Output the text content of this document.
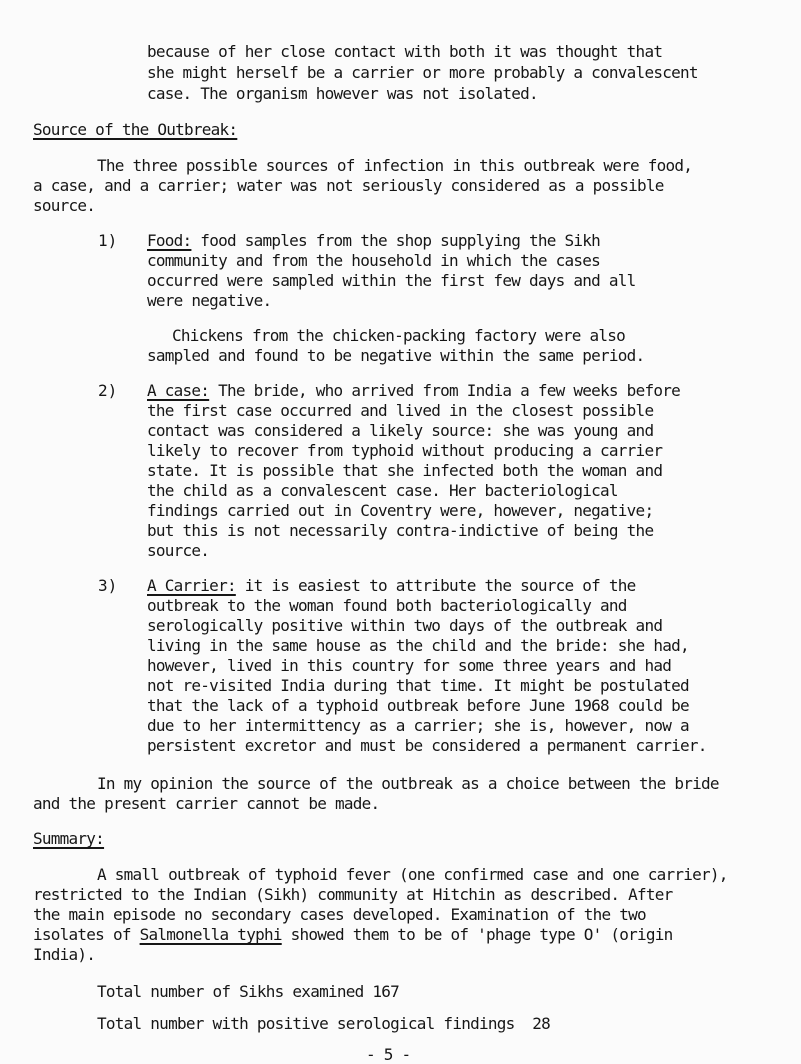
because of her close contact with both it was thought that
she might herself be a carrier or more probably a convalescent
case. The organism however was not isolated.
Source of the Outbreak:
The three possible sources of infection in this outbreak were food,
a case, and a carrier; water was not seriously considered as a possible
source.
1) Food: food samples from the shop supplying the Sikh
community and from the household in which the cases
occurred were sampled within the first few days and all
were negative.
Chickens from the chicken-packing factory were also
sampled and found to be negative within the same period.
2) A case: The bride, who arrived from India a few weeks before
the first case occurred and lived in the closest possible
contact was considered a likely source: she was young and
likely to recover from typhoid without producing a carrier
state. It is possible that she infected both the woman and
the child as a convalescent case. Her bacteriological
findings carried out in Coventry were, however, negative;
but this is not necessarily contra-indictive of being the
source.
3) A Carrier: it is easiest to attribute the source of the
outbreak to the woman found both bacteriologically and
serologically positive within two days of the outbreak and
living in the same house as the child and the bride: she had,
however, lived in this country for some three years and had
not re-visited India during that time. It might be postulated
that the lack of a typhoid outbreak before June 1968 could be
due to her intermittency as a carrier; she is, however, now a
persistent excretor and must be considered a permanent carrier.
In my opinion the source of the outbreak as a choice between the bride
and the present carrier cannot be made.
Summary:
A small outbreak of typhoid fever (one confirmed case and one carrier),
restricted to the Indian (Sikh) community at Hitchin as described. After
the main episode no secondary cases developed. Examination of the two
isolates of Salmonella typhi showed them to be of 'phage type O' (origin
India).
Total number of Sikhs examined 167
Total number with positive serological findings 28
- 5 -
